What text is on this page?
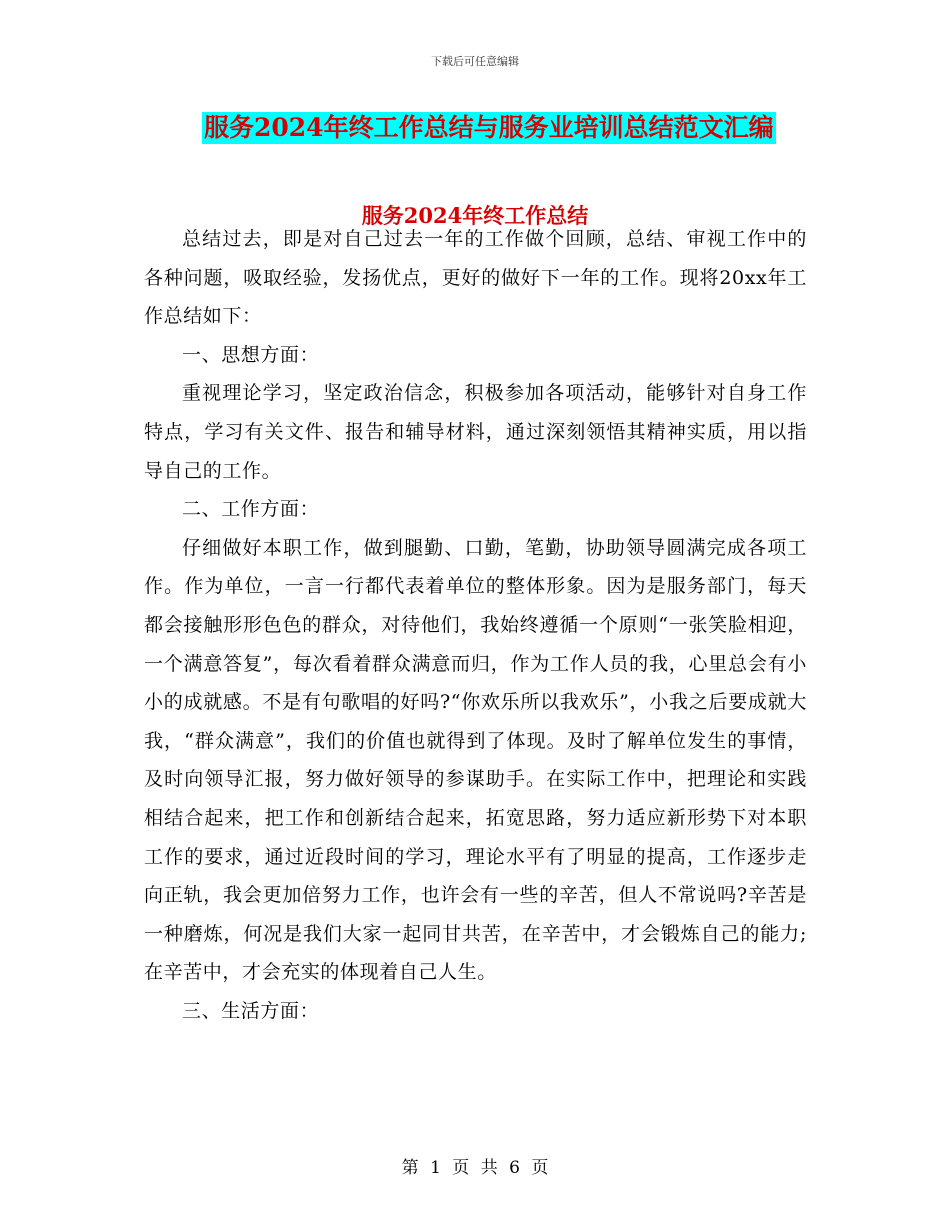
下载后可任意编辑
服务2024年终工作总结与服务业培训总结范文汇编
服务2024年终工作总结

总结过去，即是对自己过去一年的工作做个回顾，总结、审视工作中的各种问题，吸取经验，发扬优点，更好的做好下一年的工作。现将20xx年工作总结如下：

一、思想方面：

重视理论学习，坚定政治信念，积极参加各项活动，能够针对自身工作特点，学习有关文件、报告和辅导材料，通过深刻领悟其精神实质，用以指导自己的工作。

二、工作方面：

仔细做好本职工作，做到腿勤、口勤，笔勤，协助领导圆满完成各项工作。作为单位，一言一行都代表着单位的整体形象。因为是服务部门，每天都会接触形形色色的群众，对待他们，我始终遵循一个原则“一张笑脸相迎，一个满意答复”，每次看着群众满意而归，作为工作人员的我，心里总会有小小的成就感。不是有句歌唱的好吗?“你欢乐所以我欢乐”，小我之后要成就大我，“群众满意”，我们的价值也就得到了体现。及时了解单位发生的事情，及时向领导汇报，努力做好领导的参谋助手。在实际工作中，把理论和实践相结合起来，把工作和创新结合起来，拓宽思路，努力适应新形势下对本职工作的要求，通过近段时间的学习，理论水平有了明显的提高，工作逐步走向正轨，我会更加倍努力工作，也许会有一些的辛苦，但人不常说吗?辛苦是一种磨炼，何况是我们大家一起同甘共苦，在辛苦中，才会锻炼自己的能力;在辛苦中，才会充实的体现着自己人生。

三、生活方面：

第 1 页 共 6 页
